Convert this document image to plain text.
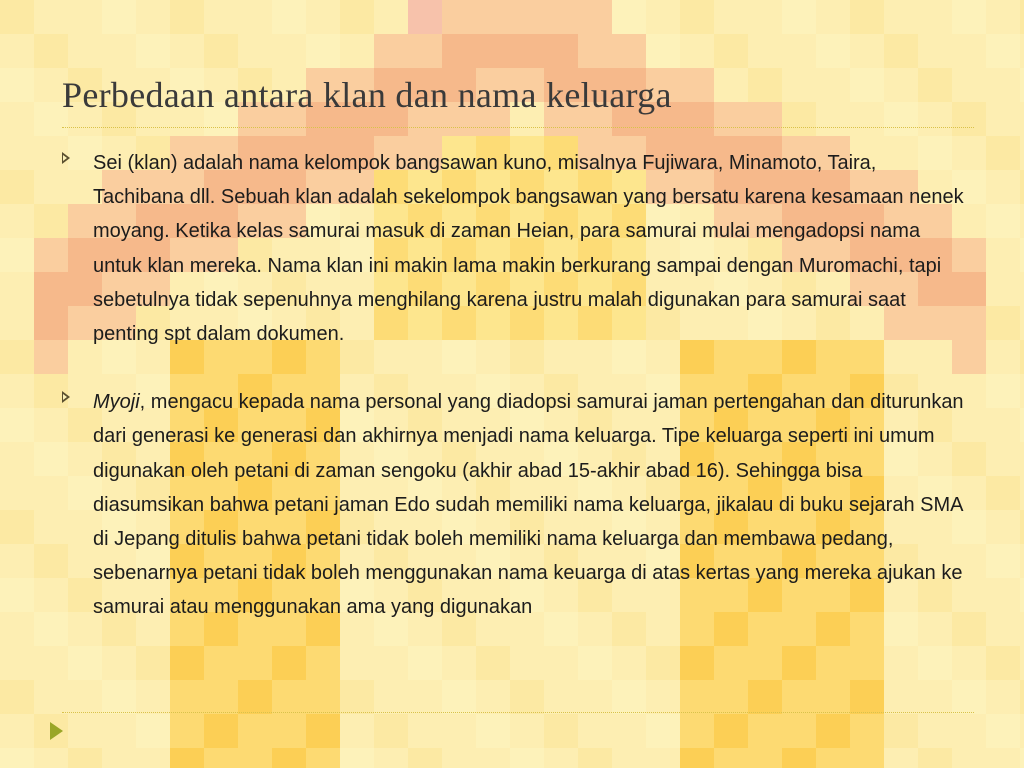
Perbedaan antara klan dan nama keluarga

Sei (klan) adalah nama kelompok bangsawan kuno, misalnya Fujiwara, Minamoto, Taira, Tachibana dll. Sebuah klan adalah sekelompok bangsawan yang bersatu karena kesamaan nenek moyang. Ketika kelas samurai masuk di zaman Heian, para samurai mulai mengadopsi nama untuk klan mereka. Nama klan ini makin lama makin berkurang sampai dengan Muromachi, tapi sebetulnya tidak sepenuhnya menghilang karena justru malah digunakan para samurai saat penting spt dalam dokumen.

Myoji, mengacu kepada nama personal yang diadopsi samurai jaman pertengahan dan diturunkan dari generasi ke generasi dan akhirnya menjadi nama keluarga. Tipe keluarga seperti ini umum digunakan oleh petani di zaman sengoku (akhir abad 15-akhir abad 16). Sehingga bisa diasumsikan bahwa petani jaman Edo sudah memiliki nama keluarga, jikalau di buku sejarah SMA di Jepang ditulis bahwa petani tidak boleh memiliki nama keluarga dan membawa pedang, sebenarnya petani tidak boleh menggunakan nama keuarga di atas kertas yang mereka ajukan ke samurai atau menggunakan ama yang digunakan
